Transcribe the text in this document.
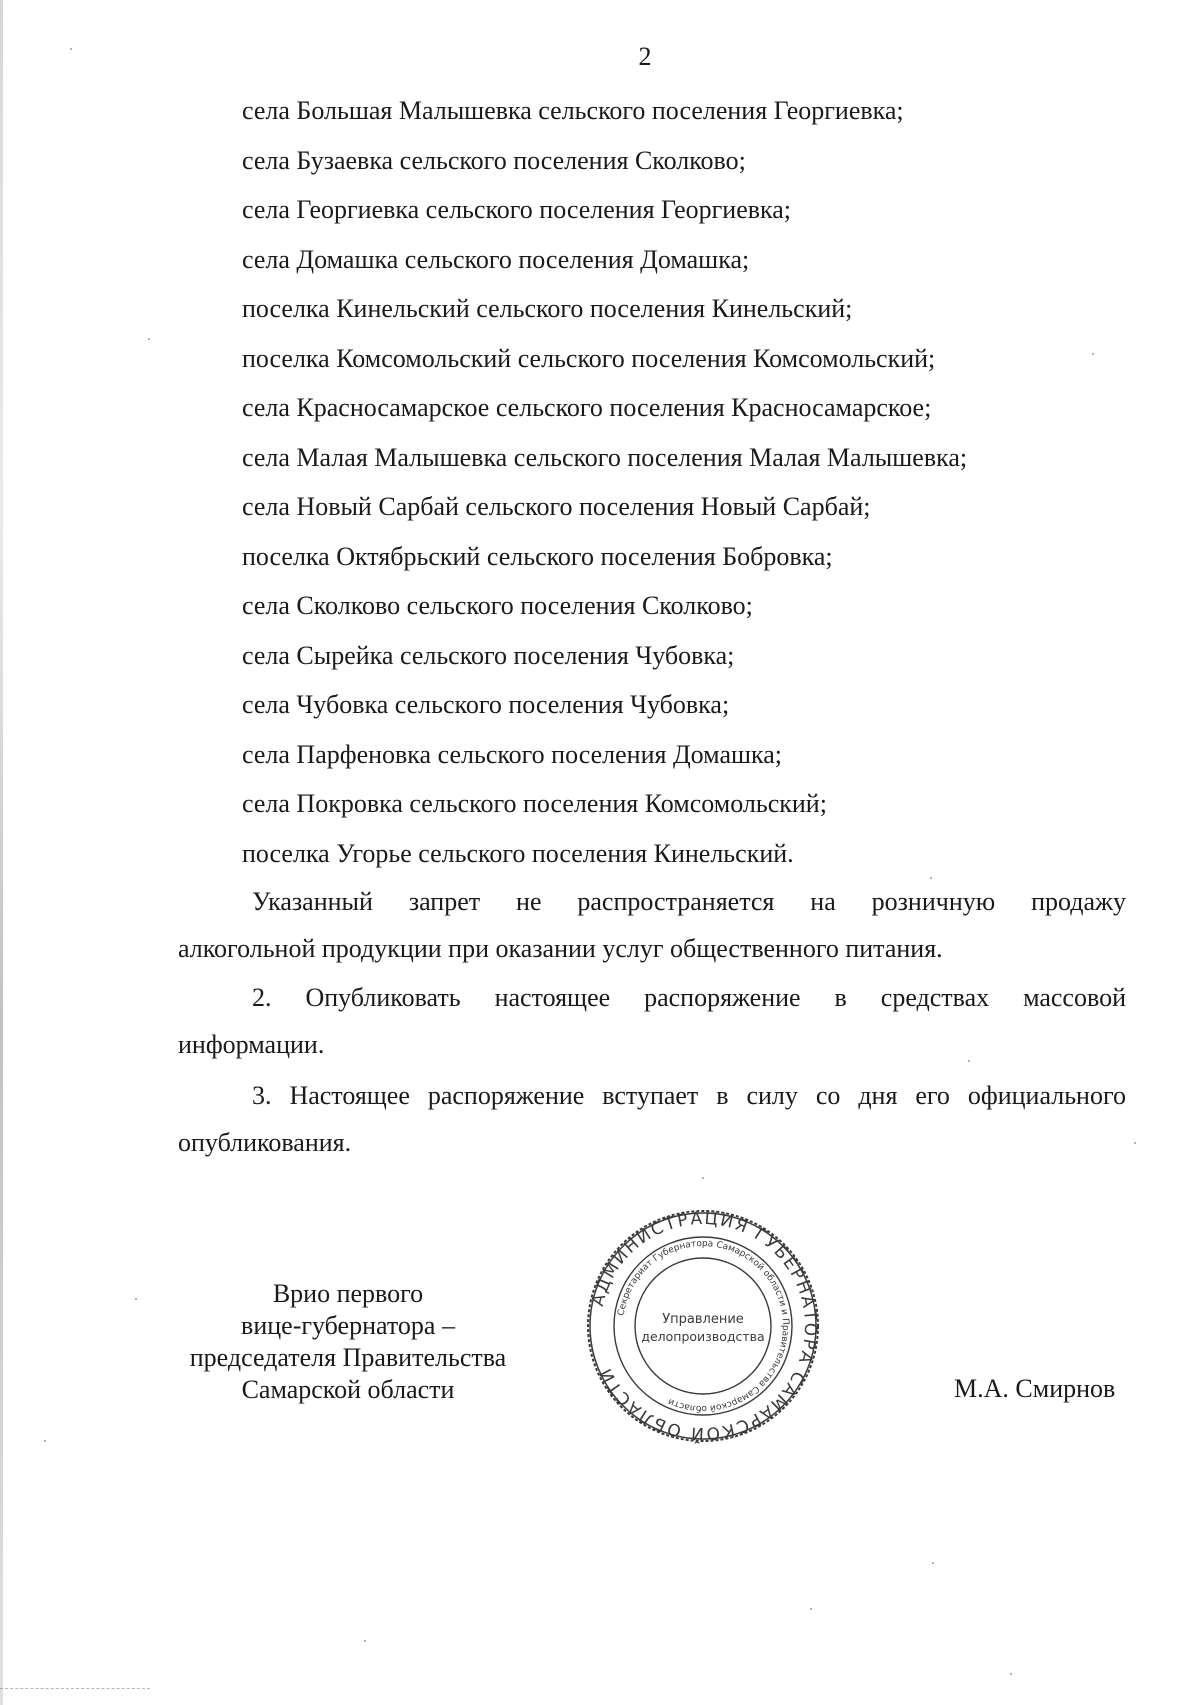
2
села Большая Малышевка сельского поселения Георгиевка;
села Бузаевка сельского поселения Сколково;
села Георгиевка сельского поселения Георгиевка;
села Домашка сельского поселения Домашка;
поселка Кинельский сельского поселения Кинельский;
поселка Комсомольский сельского поселения Комсомольский;
села Красносамарское сельского поселения Красносамарское;
села Малая Малышевка сельского поселения Малая Малышевка;
села Новый Сарбай сельского поселения Новый Сарбай;
поселка Октябрьский сельского поселения Бобровка;
села Сколково сельского поселения Сколково;
села Сырейка сельского поселения Чубовка;
села Чубовка сельского поселения Чубовка;
села Парфеновка сельского поселения Домашка;
села Покровка сельского поселения Комсомольский;
поселка Угорье сельского поселения Кинельский.
Указанный запрет не распространяется на розничную продажу
алкогольной продукции при оказании услуг общественного питания.
2. Опубликовать настоящее распоряжение в средствах массовой
информации.
3. Настоящее распоряжение вступает в силу со дня его официального
опубликования.
Врио первого
вице-губернатора –
председателя Правительства
Самарской области
АДМИНИСТРАЦИЯ ГУБЕРНАТОРА САМАРСКОЙ ОБЛАСТИ
Секретариат Губернатора Самарской области и Правительства Самарской области
Управление
делопроизводства
М.А. Смирнов
